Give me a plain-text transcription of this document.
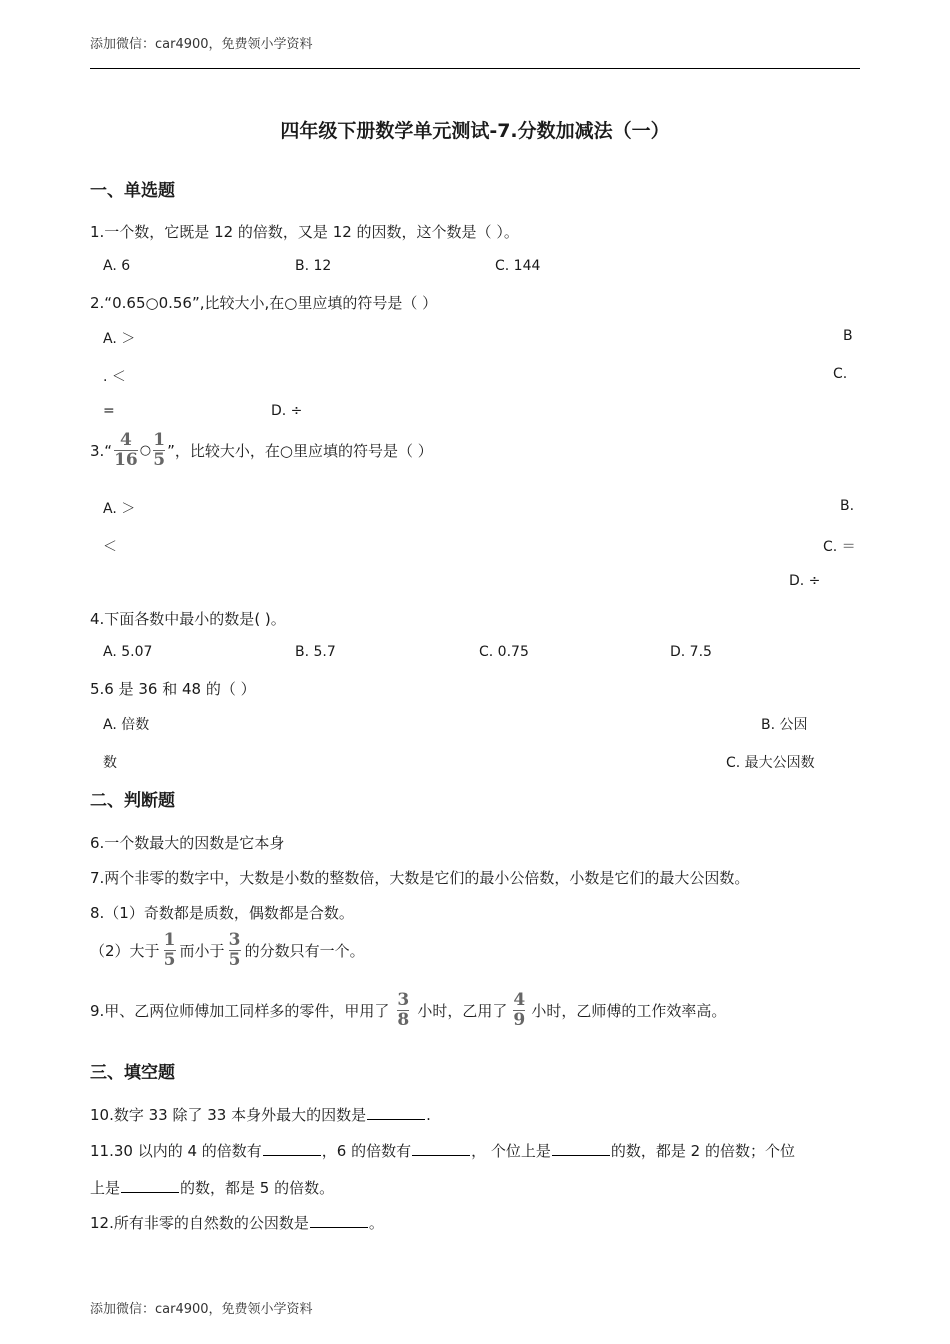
添加微信：car4900，免费领小学资料
四年级下册数学单元测试-7.分数加减法（一）
一、单选题
1.一个数，它既是 12 的倍数，又是 12 的因数，这个数是（ ）。
A. 6	B. 12	C. 144
2.“0.65○0.56”,比较大小,在○里应填的符号是（ ）
A. ＞	B
. ＜	C.
=	D. ÷
3.“ $\frac{4}{16}$ ○ $\frac{1}{5}$ ”，比较大小，在○里应填的符号是（ ）
A. ＞	B.
＜	C. ＝
D. ÷
4.下面各数中最小的数是( )。
A. 5.07	B. 5.7	C. 0.75	D. 7.5
5.6 是 36 和 48 的（ ）
A. 倍数	B. 公因
数	C. 最大公因数
二、判断题
6.一个数最大的因数是它本身
7.两个非零的数字中，大数是小数的整数倍，大数是它们的最小公倍数，小数是它们的最大公因数。
8.（1）奇数都是质数，偶数都是合数。
（2）大于 $\frac{1}{5}$ 而小于 $\frac{3}{5}$ 的分数只有一个。
9.甲、乙两位师傅加工同样多的零件，甲用了 $\frac{3}{8}$ 小时，乙用了 $\frac{4}{9}$ 小时，乙师傅的工作效率高。
三、填空题
10.数字 33 除了 33 本身外最大的因数是	.
11.30 以内的 4 的倍数有	，6 的倍数有	， 个位上是	的数，都是 2 的倍数；个位
上是	的数，都是 5 的倍数。
12.所有非零的自然数的公因数是	。
添加微信：car4900，免费领小学资料
